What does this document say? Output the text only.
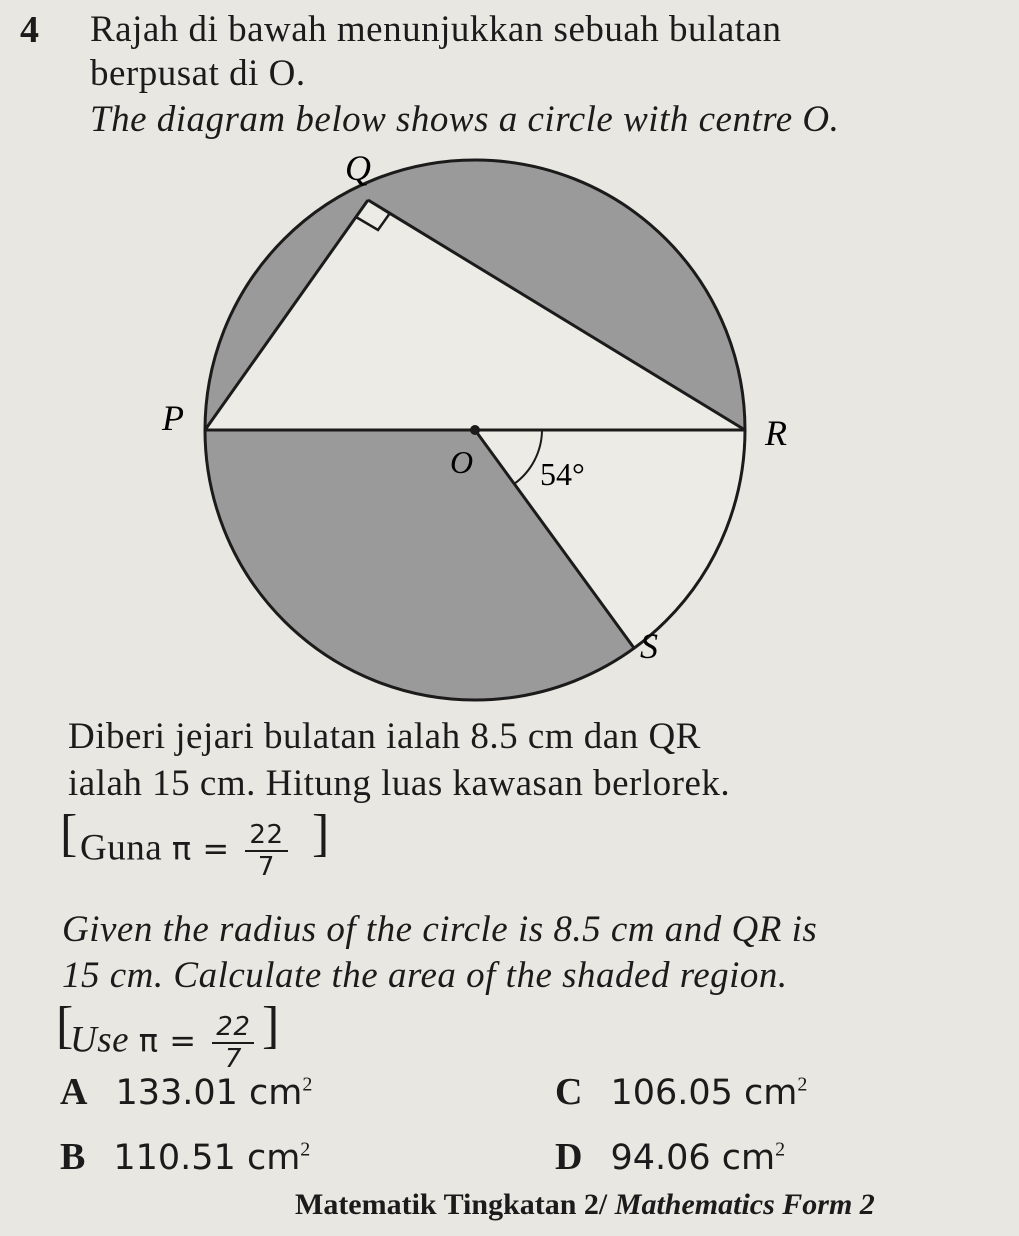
4 Rajah di bawah menunjukkan sebuah bulatan
berpusat di O.
The diagram below shows a circle with centre O.
Q
P	R
O
S
54°
Diberi jejari bulatan ialah 8.5 cm dan QR
ialah 15 cm. Hitung luas kawasan berlorek.
[ Guna $\pi = \frac{22}{7}$ ]
Given the radius of the circle is 8.5 cm and QR is
15 cm. Calculate the area of the shaded region.
[
Use $\pi = \frac{22}{7}$ ]
A 133.01 $cm^2$
B 110.51 $cm^2$
C 106.05 $cm^2$
D 94.06 $cm^2$
Matematik Tingkatan 2/ Mathematics Form 2
